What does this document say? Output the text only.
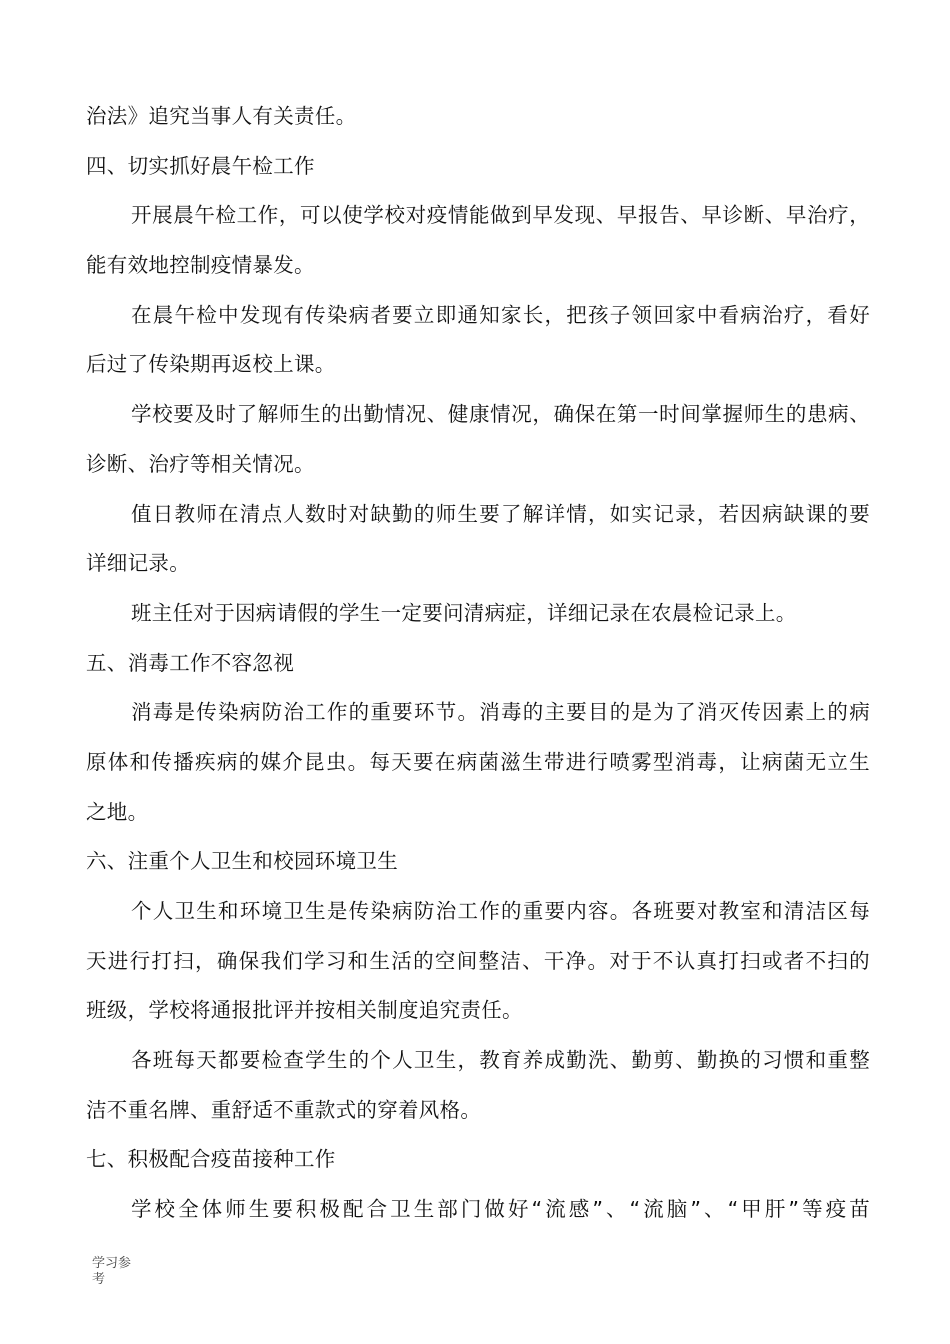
治法》追究当事人有关责任。
四、切实抓好晨午检工作
开展晨午检工作，可以使学校对疫情能做到早发现、早报告、早诊断、早治疗，
能有效地控制疫情暴发。
在晨午检中发现有传染病者要立即通知家长，把孩子领回家中看病治疗，看好
后过了传染期再返校上课。
学校要及时了解师生的出勤情况、健康情况，确保在第一时间掌握师生的患病、
诊断、治疗等相关情况。
值日教师在清点人数时对缺勤的师生要了解详情，如实记录，若因病缺课的要
详细记录。
班主任对于因病请假的学生一定要问清病症，详细记录在农晨检记录上。
五、消毒工作不容忽视
消毒是传染病防治工作的重要环节。消毒的主要目的是为了消灭传因素上的病
原体和传播疾病的媒介昆虫。每天要在病菌滋生带进行喷雾型消毒，让病菌无立生
之地。
六、注重个人卫生和校园环境卫生
个人卫生和环境卫生是传染病防治工作的重要内容。各班要对教室和清洁区每
天进行打扫，确保我们学习和生活的空间整洁、干净。对于不认真打扫或者不扫的
班级，学校将通报批评并按相关制度追究责任。
各班每天都要检查学生的个人卫生，教育养成勤洗、勤剪、勤换的习惯和重整
洁不重名牌、重舒适不重款式的穿着风格。
七、积极配合疫苗接种工作
学校全体师生要积极配合卫生部门做好“流感”、“流脑”、“甲肝”等疫苗
学习参
考
